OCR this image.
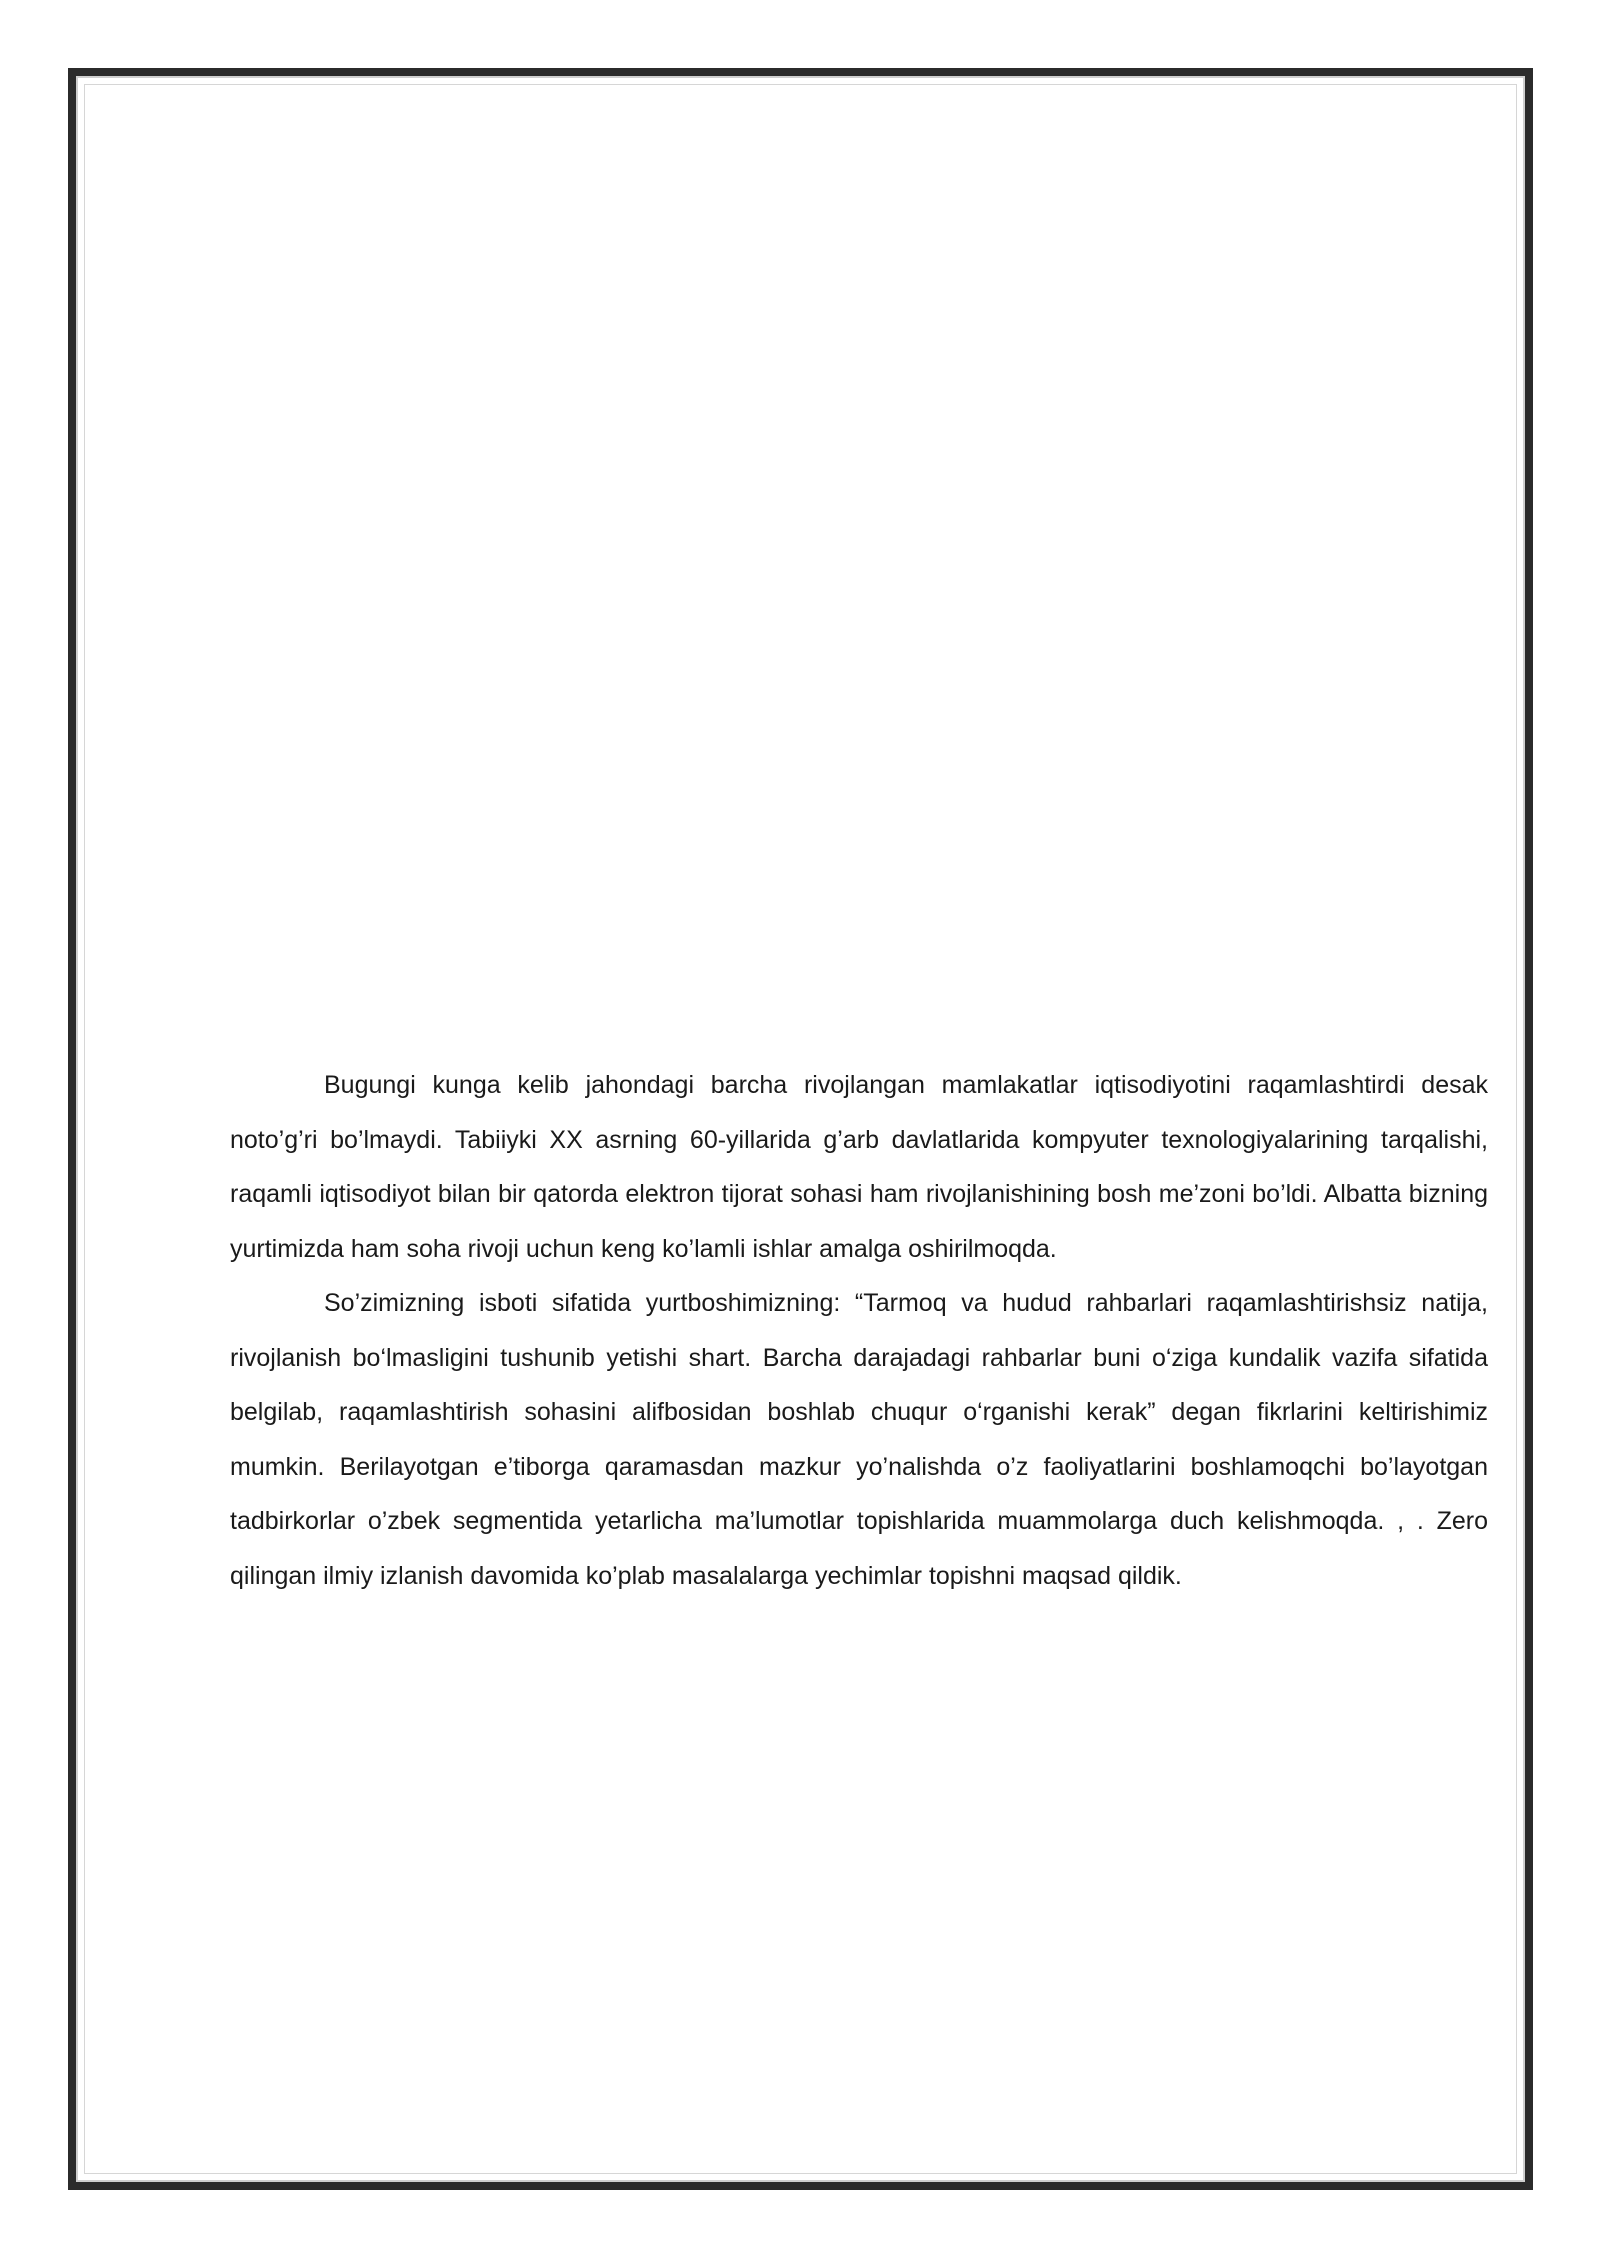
Bugungi kunga kelib jahondagi barcha rivojlangan mamlakatlar iqtisodiyotini raqamlashtirdi desak noto’g’ri bo’lmaydi. Tabiiyki XX asrning 60-yillarida g’arb davlatlarida kompyuter texnologiyalarining tarqalishi, raqamli iqtisodiyot bilan bir qatorda elektron tijorat sohasi ham rivojlanishining bosh me’zoni bo’ldi. Albatta bizning yurtimizda ham soha rivoji uchun keng ko’lamli ishlar amalga oshirilmoqda.

So’zimizning isboti sifatida yurtboshimizning: “Tarmoq va hudud rahbarlari raqamlashtirishsiz natija, rivojlanish bo‘lmasligini tushunib yetishi shart. Barcha darajadagi rahbarlar buni o‘ziga kundalik vazifa sifatida belgilab, raqamlashtirish sohasini alifbosidan boshlab chuqur o‘rganishi kerak” degan fikrlarini keltirishimiz mumkin. Berilayotgan e’tiborga qaramasdan mazkur yo’nalishda o’z faoliyatlarini boshlamoqchi bo’layotgan tadbirkorlar o’zbek segmentida yetarlicha ma’lumotlar topishlarida muammolarga duch kelishmoqda. , . Zero qilingan ilmiy izlanish davomida ko’plab masalalarga yechimlar topishni maqsad qildik.
